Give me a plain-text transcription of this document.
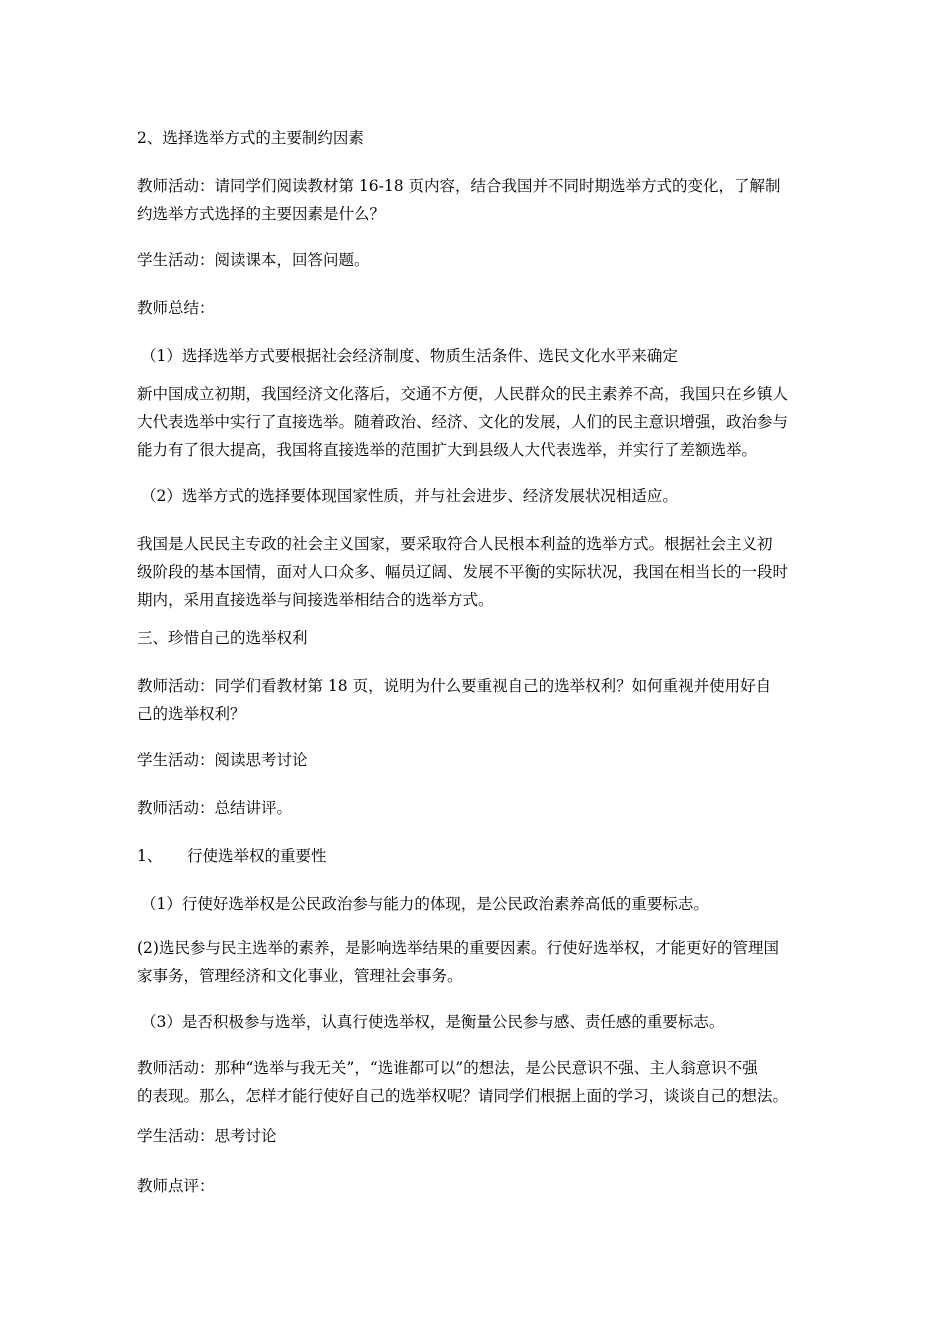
2、选择选举方式的主要制约因素

教师活动：请同学们阅读教材第 16-18 页内容，结合我国并不同时期选举方式的变化，了解制
约选举方式选择的主要因素是什么？

学生活动：阅读课本，回答问题。

教师总结：

（1）选择选举方式要根据社会经济制度、物质生活条件、选民文化水平来确定

新中国成立初期，我国经济文化落后，交通不方便，人民群众的民主素养不高，我国只在乡镇人
大代表选举中实行了直接选举。随着政治、经济、文化的发展，人们的民主意识增强，政治参与
能力有了很大提高，我国将直接选举的范围扩大到县级人大代表选举，并实行了差额选举。

（2）选举方式的选择要体现国家性质，并与社会进步、经济发展状况相适应。

我国是人民民主专政的社会主义国家，要采取符合人民根本利益的选举方式。根据社会主义初
级阶段的基本国情，面对人口众多、幅员辽阔、发展不平衡的实际状况，我国在相当长的一段时
期内，采用直接选举与间接选举相结合的选举方式。

三、珍惜自己的选举权利

教师活动：同学们看教材第 18 页，说明为什么要重视自己的选举权利？如何重视并使用好自
己的选举权利？

学生活动：阅读思考讨论

教师活动：总结讲评。

1、 行使选举权的重要性

（1）行使好选举权是公民政治参与能力的体现，是公民政治素养高低的重要标志。

(2)选民参与民主选举的素养，是影响选举结果的重要因素。行使好选举权，才能更好的管理国
家事务，管理经济和文化事业，管理社会事务。

（3）是否积极参与选举，认真行使选举权，是衡量公民参与感、责任感的重要标志。

教师活动：那种“选举与我无关”，“选谁都可以”的想法，是公民意识不强、主人翁意识不强
的表现。那么，怎样才能行使好自己的选举权呢？请同学们根据上面的学习，谈谈自己的想法。

学生活动：思考讨论

教师点评：
